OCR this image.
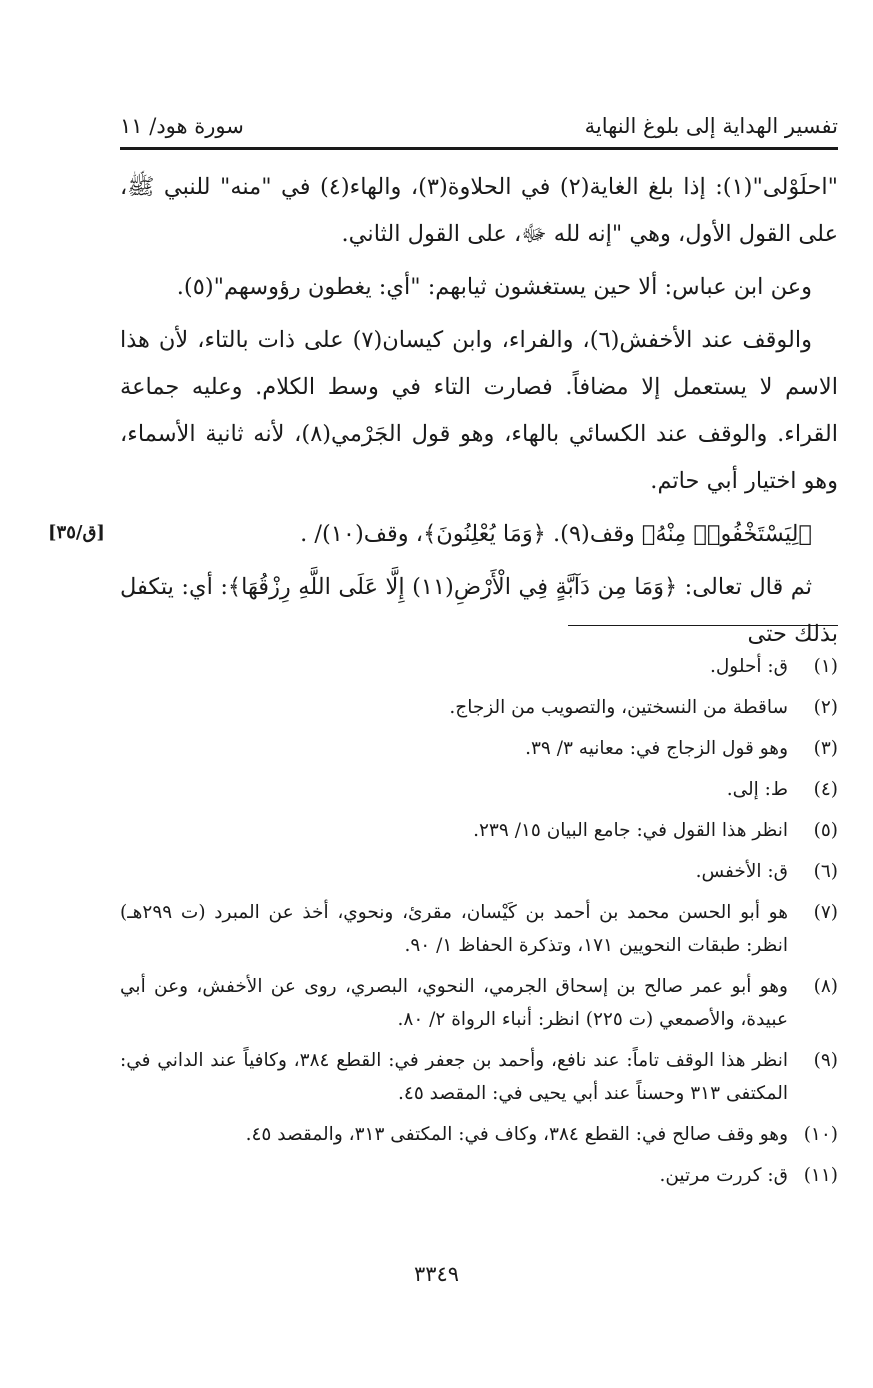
تفسير الهداية إلى بلوغ النهاية
سورة هود/ ١١

"احلَوْلى"(١): إذا بلغ الغاية(٢) في الحلاوة(٣)، والهاء(٤) في "منه" للنبي ﷺ، على القول الأول، وهي "إنه لله ﷻ، على القول الثاني.

وعن ابن عباس: ألا حين يستغشون ثيابهم: "أي: يغطون رؤوسهم"(٥).

والوقف عند الأخفش(٦)، والفراء، وابن كيسان(٧) على ذات بالتاء، لأن هذا الاسم لا يستعمل إلا مضافاً. فصارت التاء في وسط الكلام. وعليه جماعة القراء. والوقف عند الكسائي بالهاء، وهو قول الجَرْمي(٨)، لأنه ثانية الأسماء، وهو اختيار أبي حاتم.

﴿لِيَسْتَخْفُوا۟ مِنْهُ﴾ وقف(٩). ﴿وَمَا يُعْلِنُونَ﴾، وقف(١٠)/ .

ثم قال تعالى: ﴿وَمَا مِن دَآبَّةٍ فِي الْأَرْضِ(١١) إِلَّا عَلَى اللَّهِ رِزْقُهَا﴾: أي: يتكفل بذلك حتى

[ق/٣٥]
(١)
ق: أحلول.
(٢)
ساقطة من النسختين، والتصويب من الزجاج.
(٣)
وهو قول الزجاج في: معانيه ٣/ ٣٩.
(٤)
ط: إلى.
(٥)
انظر هذا القول في: جامع البيان ١٥/ ٢٣٩.
(٦)
ق: الأخفس.
(٧)
هو أبو الحسن محمد بن أحمد بن كَيْسان، مقرئ، ونحوي، أخذ عن المبرد (ت ٢٩٩هـ) انظر: طبقات النحويين ١٧١، وتذكرة الحفاظ ١/ ٩٠.
(٨)
وهو أبو عمر صالح بن إسحاق الجرمي، النحوي، البصري، روى عن الأخفش، وعن أبي عبيدة، والأصمعي (ت ٢٢٥) انظر: أنباء الرواة ٢/ ٨٠.
(٩)
انظر هذا الوقف تاماً: عند نافع، وأحمد بن جعفر في: القطع ٣٨٤، وكافياً عند الداني في: المكتفى ٣١٣ وحسناً عند أبي يحيى في: المقصد ٤٥.
(١٠)
وهو وقف صالح في: القطع ٣٨٤، وكاف في: المكتفى ٣١٣، والمقصد ٤٥.
(١١)
ق: كررت مرتين.
٣٣٤٩
